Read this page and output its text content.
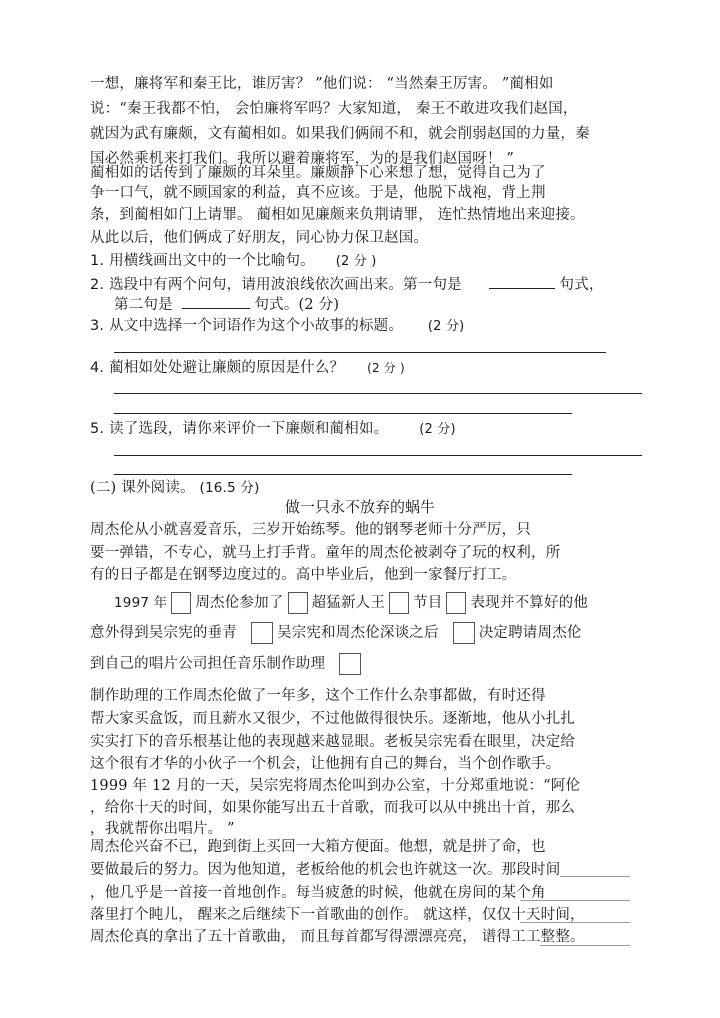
一想，廉将军和秦王比，谁厉害？ ”他们说： “当然秦王厉害。 ”蔺相如
说：“秦王我都不怕， 会怕廉将军吗？大家知道， 秦王不敢进攻我们赵国，
就因为武有廉颇，文有蔺相如。如果我们俩闹不和，就会削弱赵国的力量，秦
国必然乘机来打我们。我所以避着廉将军，为的是我们赵国呀！ ”
蔺相如的话传到了廉颇的耳朵里。廉颇静下心来想了想，觉得自己为了
争一口气，就不顾国家的利益，真不应该。于是，他脱下战袍，背上荆
条，到蔺相如门上请罪。 蔺相如见廉颇来负荆请罪， 连忙热情地出来迎接。
从此以后，他们俩成了好朋友，同心协力保卫赵国。
1. 用横线画出文中的一个比喻句。 (2 分 )
2. 选段中有两个问句，请用波浪线依次画出来。第一句是	句式，
第二句是	句式。(2 分)
3. 从文中选择一个词语作为这个小故事的标题。 (2 分)
4. 蔺相如处处避让廉颇的原因是什么？ (2 分 )
5. 读了选段，请你来评价一下廉颇和蔺相如。 (2 分)
(二) 课外阅读。 (16.5 分)
做一只永不放弃的蜗牛
周杰伦从小就喜爱音乐，三岁开始练琴。他的钢琴老师十分严厉，只
要一弹错，不专心，就马上打手背。童年的周杰伦被剥夺了玩的权利，所
有的日子都是在钢琴边度过的。高中毕业后，他到一家餐厅打工。
1997 年 周杰伦参加了 超猛新人王 节目 表现并不算好的他
意外得到吴宗宪的垂青	吴宗宪和周杰伦深谈之后	决定聘请周杰伦
到自己的唱片公司担任音乐制作助理
制作助理的工作周杰伦做了一年多，这个工作什么杂事都做，有时还得
帮大家买盒饭，而且薪水又很少，不过他做得很快乐。逐渐地，他从小扎扎
实实打下的音乐根基让他的表现越来越显眼。老板吴宗宪看在眼里，决定给
这个很有才华的小伙子一个机会，让他拥有自己的舞台，当个创作歌手。
1999 年 12 月的一天，吴宗宪将周杰伦叫到办公室，十分郑重地说：“阿伦
，给你十天的时间，如果你能写出五十首歌，而我可以从中挑出十首，那么
，我就帮你出唱片。 ”
周杰伦兴奋不已，跑到街上买回一大箱方便面。他想，就是拼了命，也
要做最后的努力。因为他知道，老板给他的机会也许就这一次。那段时间
，他几乎是一首接一首地创作。每当疲惫的时候，他就在房间的某个角
落里打个盹儿， 醒来之后继续下一首歌曲的创作。 就这样，仅仅十天时间，
周杰伦真的拿出了五十首歌曲， 而且每首都写得漂漂亮亮， 谱得工工整整。
